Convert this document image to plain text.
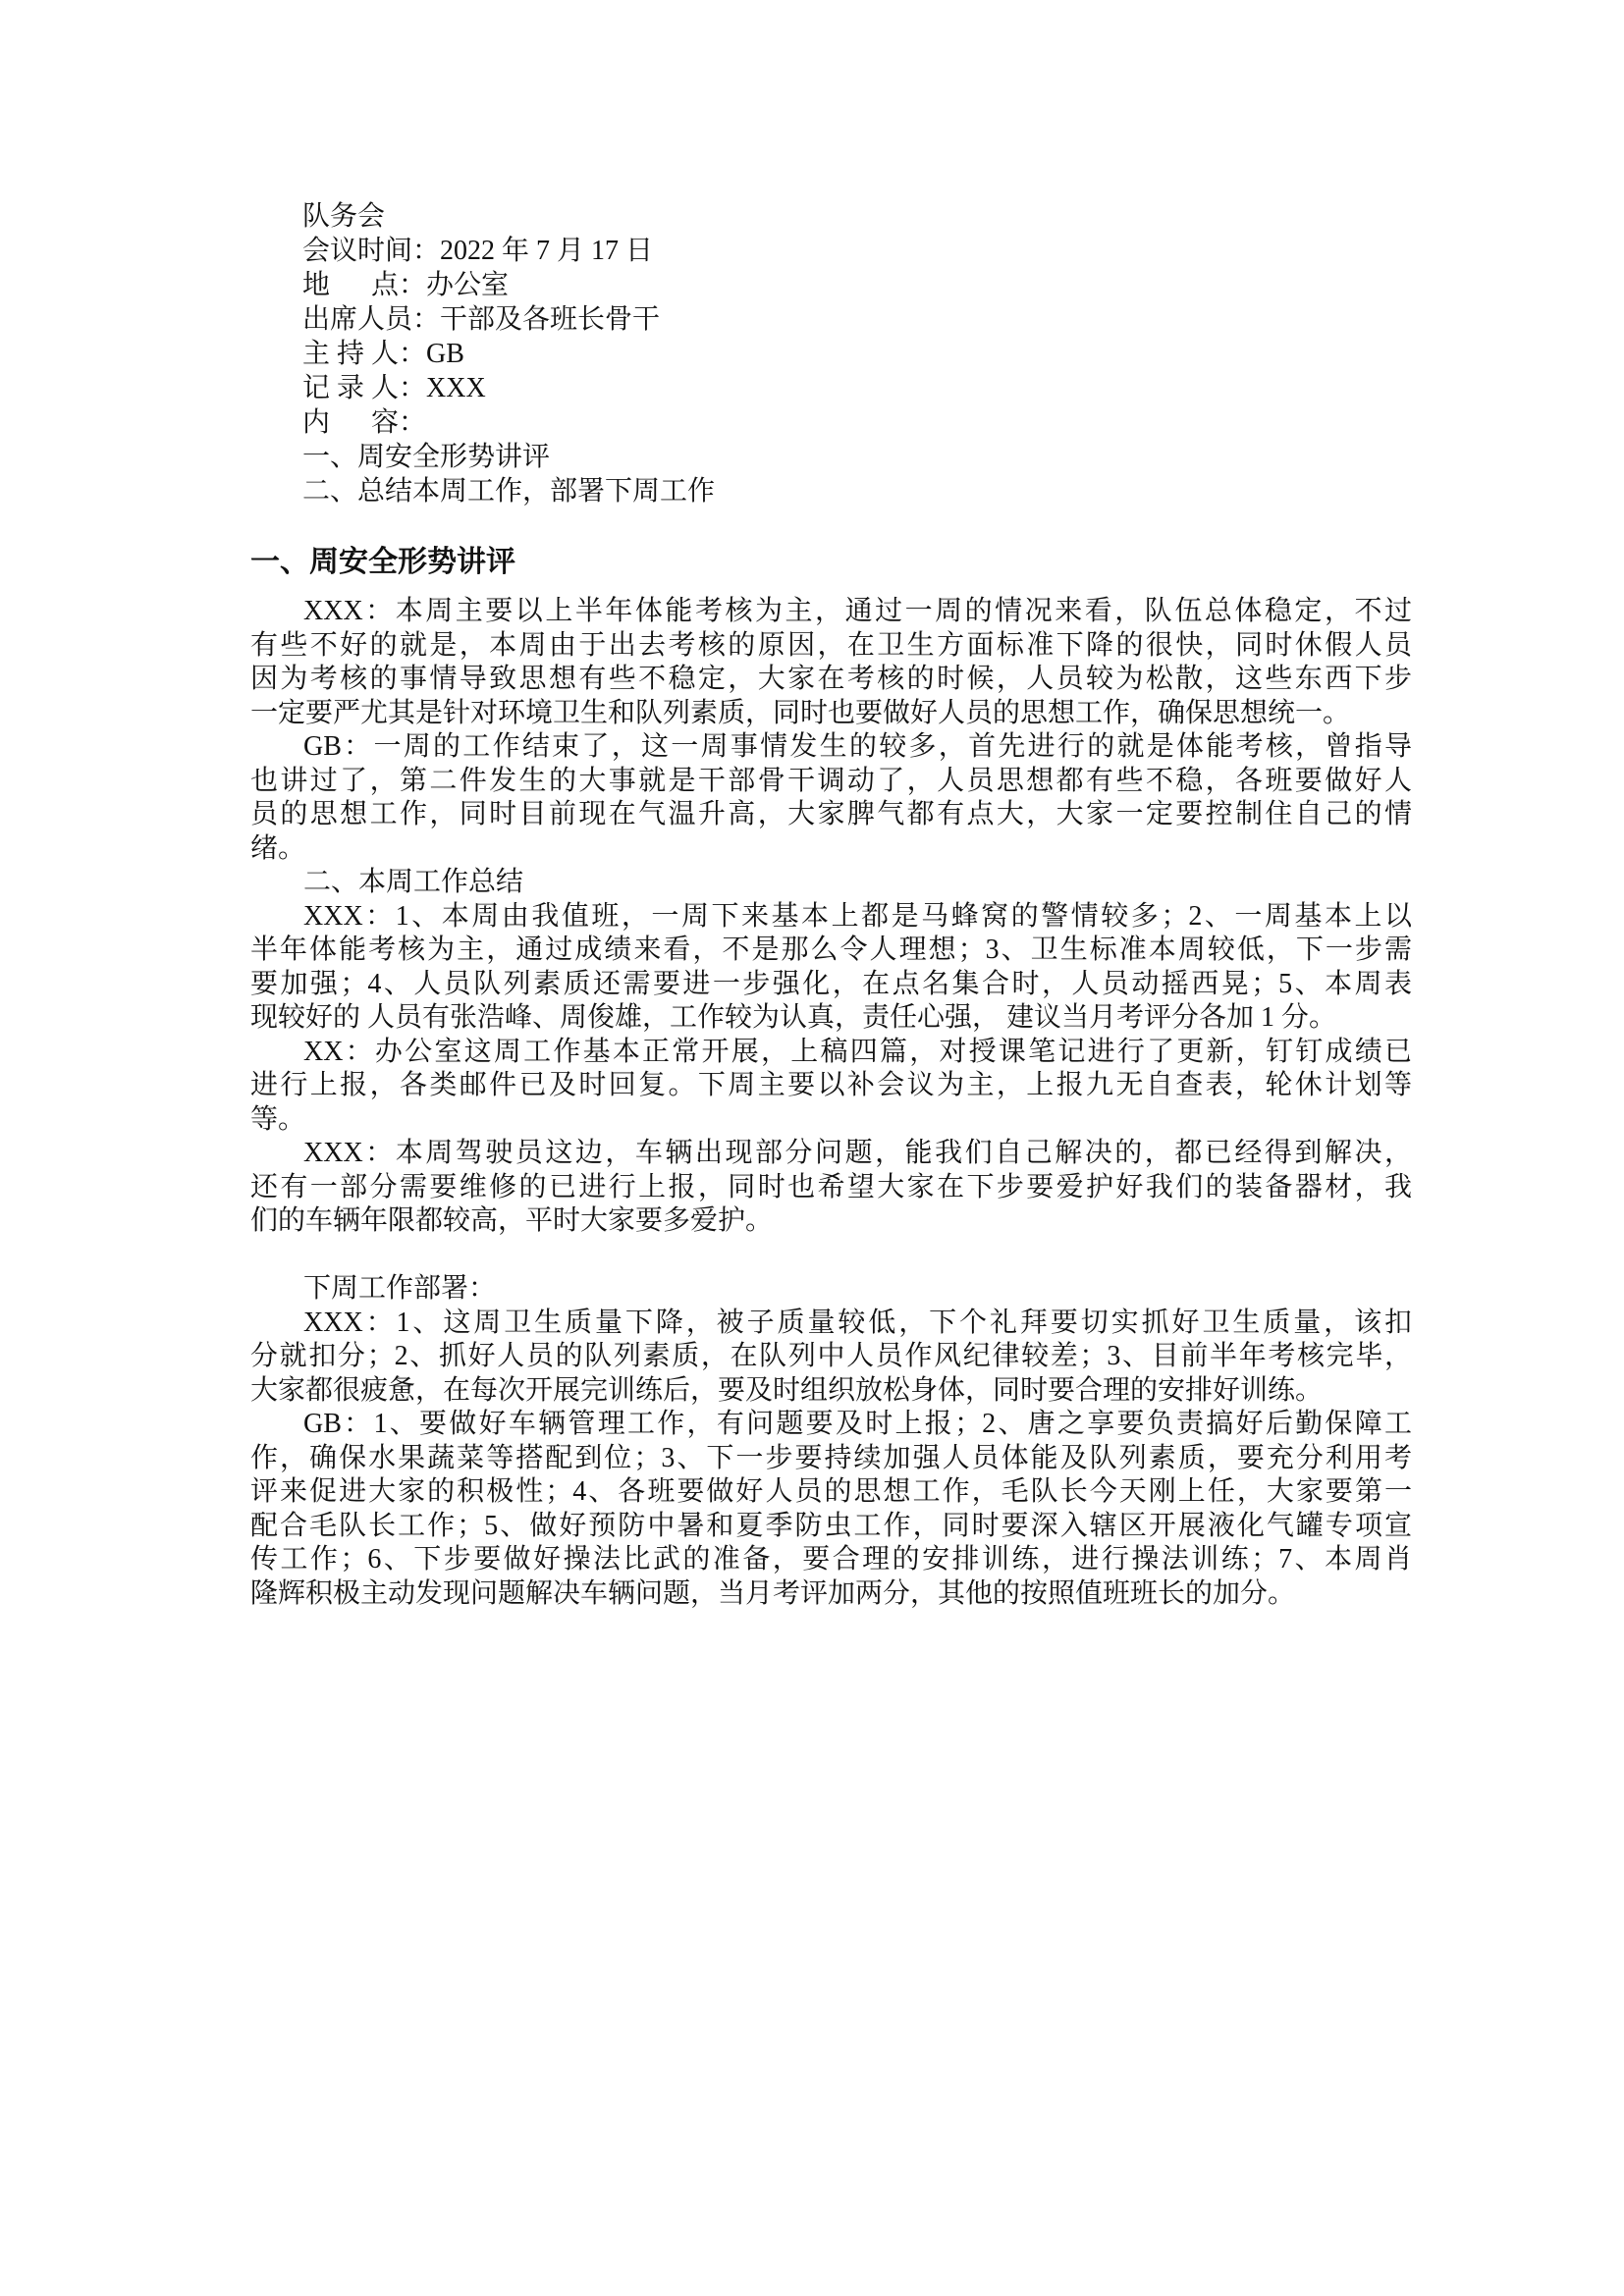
队务会
会议时间：2022 年 7 月 17 日
地      点：办公室
出席人员：干部及各班长骨干
主 持 人：GB
记 录 人：XXX
内      容：
一、周安全形势讲评
二、总结本周工作，部署下周工作
一、周安全形势讲评
XXX：本周主要以上半年体能考核为主，通过一周的情况来看，队伍总体稳定，不过
有些不好的就是，本周由于出去考核的原因，在卫生方面标准下降的很快，同时休假人员
因为考核的事情导致思想有些不稳定，大家在考核的时候，人员较为松散，这些东西下步
一定要严尤其是针对环境卫生和队列素质，同时也要做好人员的思想工作，确保思想统一。
GB：一周的工作结束了，这一周事情发生的较多，首先进行的就是体能考核，曾指导
也讲过了，第二件发生的大事就是干部骨干调动了，人员思想都有些不稳，各班要做好人
员的思想工作，同时目前现在气温升高，大家脾气都有点大，大家一定要控制住自己的情
绪。
二、本周工作总结
XXX：1、本周由我值班，一周下来基本上都是马蜂窝的警情较多；2、一周基本上以
半年体能考核为主，通过成绩来看，不是那么令人理想；3、卫生标准本周较低，下一步需
要加强；4、人员队列素质还需要进一步强化，在点名集合时，人员动摇西晃；5、本周表
现较好的 人员有张浩峰、周俊雄，工作较为认真，责任心强， 建议当月考评分各加 1 分。
XX：办公室这周工作基本正常开展，上稿四篇，对授课笔记进行了更新，钉钉成绩已
进行上报，各类邮件已及时回复。下周主要以补会议为主，上报九无自查表，轮休计划等
等。
XXX：本周驾驶员这边，车辆出现部分问题，能我们自己解决的，都已经得到解决，
还有一部分需要维修的已进行上报，同时也希望大家在下步要爱护好我们的装备器材，我
们的车辆年限都较高，平时大家要多爱护。
下周工作部署：
XXX：1、这周卫生质量下降，被子质量较低，下个礼拜要切实抓好卫生质量，该扣
分就扣分；2、抓好人员的队列素质，在队列中人员作风纪律较差；3、目前半年考核完毕，
大家都很疲惫，在每次开展完训练后，要及时组织放松身体，同时要合理的安排好训练。
GB：1、要做好车辆管理工作，有问题要及时上报；2、唐之享要负责搞好后勤保障工
作，确保水果蔬菜等搭配到位；3、下一步要持续加强人员体能及队列素质，要充分利用考
评来促进大家的积极性；4、各班要做好人员的思想工作，毛队长今天刚上任，大家要第一
配合毛队长工作；5、做好预防中暑和夏季防虫工作，同时要深入辖区开展液化气罐专项宣
传工作；6、下步要做好操法比武的准备，要合理的安排训练，进行操法训练；7、本周肖
隆辉积极主动发现问题解决车辆问题，当月考评加两分，其他的按照值班班长的加分。
